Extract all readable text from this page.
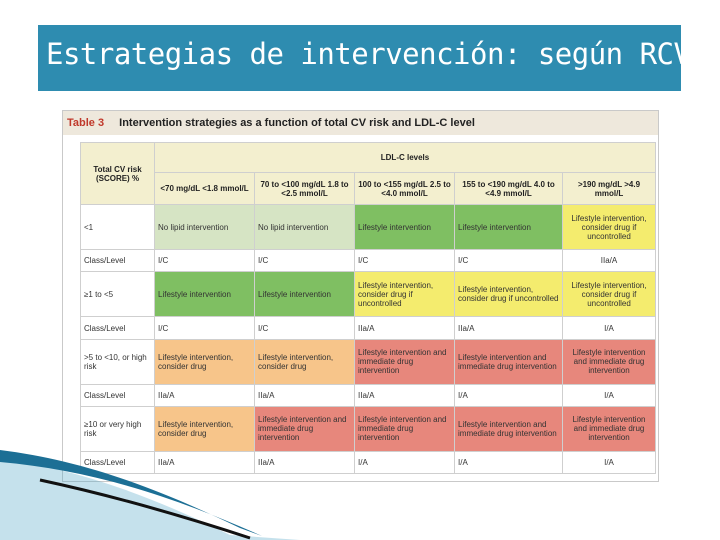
Estrategias de intervención: según RCV
Table 3 Intervention strategies as a function of total CV risk and LDL-C level
Total CV risk (SCORE) %	LDL-C levels				
	<70 mg/dL <1.8 mmol/L	70 to <100 mg/dL 1.8 to <2.5 mmol/L	100 to <155 mg/dL 2.5 to <4.0 mmol/L	155 to <190 mg/dL 4.0 to <4.9 mmol/L	>190 mg/dL >4.9 mmol/L
<1	No lipid intervention	No lipid intervention	Lifestyle intervention	Lifestyle intervention	Lifestyle intervention, consider drug if uncontrolled
Class/Level	I/C	I/C	I/C	I/C	IIa/A
≥1 to <5	Lifestyle intervention	Lifestyle intervention	Lifestyle intervention, consider drug if uncontrolled	Lifestyle intervention, consider drug if uncontrolled	Lifestyle intervention, consider drug if uncontrolled
Class/Level	I/C	I/C	IIa/A	IIa/A	I/A
>5 to <10, or high risk	Lifestyle intervention, consider drug	Lifestyle intervention, consider drug	Lifestyle intervention and immediate drug intervention	Lifestyle intervention and immediate drug intervention	Lifestyle intervention and immediate drug intervention
Class/Level	IIa/A	IIa/A	IIa/A	I/A	I/A
≥10 or very high risk	Lifestyle intervention, consider drug	Lifestyle intervention and immediate drug intervention	Lifestyle intervention and immediate drug intervention	Lifestyle intervention and immediate drug intervention	Lifestyle intervention and immediate drug intervention
Class/Level	IIa/A	IIa/A	I/A	I/A	I/A
